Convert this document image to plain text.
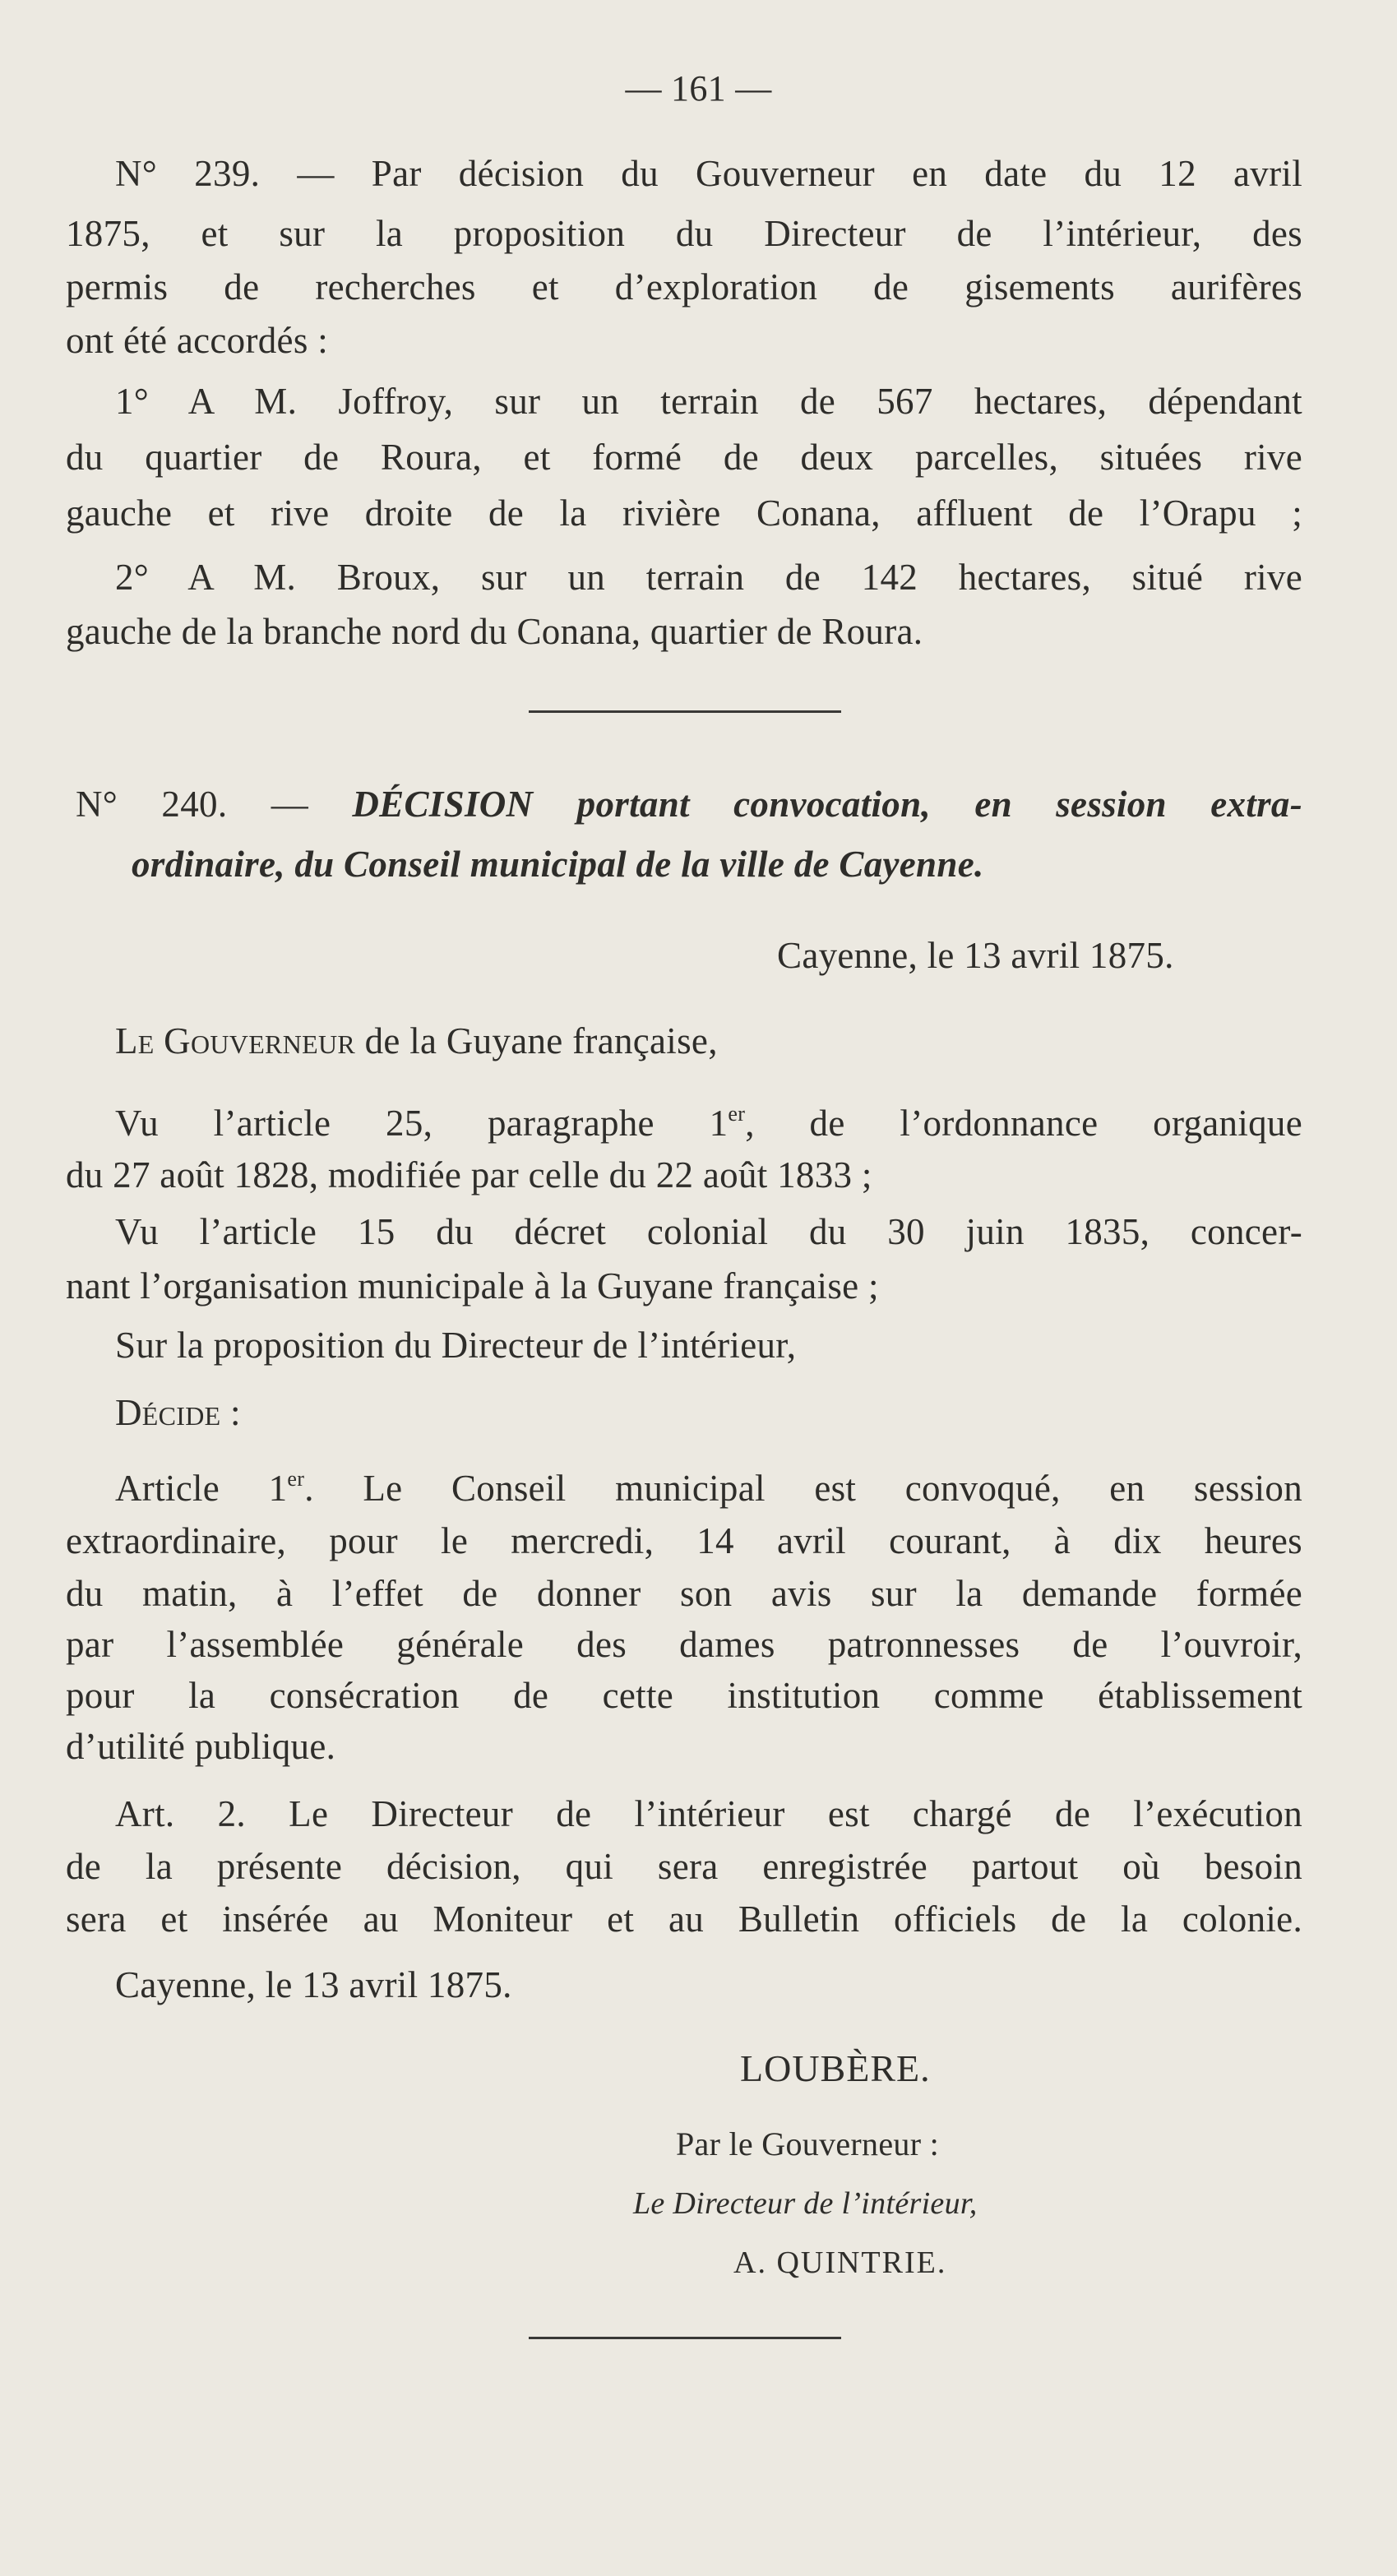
— 161 —
N° 239. — Par décision du Gouverneur en date du 12 avril
1875, et sur la proposition du Directeur de l’intérieur, des
permis de recherches et d’exploration de gisements aurifères
ont été accordés :
1° A M. Joffroy, sur un terrain de 567 hectares, dépendant
du quartier de Roura, et formé de deux parcelles, situées rive
gauche et rive droite de la rivière Conana, affluent de l’Orapu ;
2° A M. Broux, sur un terrain de 142 hectares, situé rive
gauche de la branche nord du Conana, quartier de Roura.
N° 240. — DÉCISION portant convocation, en session extra-
ordinaire, du Conseil municipal de la ville de Cayenne.
Cayenne, le 13 avril 1875.
Le Gouverneur de la Guyane française,
Vu l’article 25, paragraphe 1er, de l’ordonnance organique
du 27 août 1828, modifiée par celle du 22 août 1833 ;
Vu l’article 15 du décret colonial du 30 juin 1835, concer-
nant l’organisation municipale à la Guyane française ;
Sur la proposition du Directeur de l’intérieur,
Décide :
Article 1er. Le Conseil municipal est convoqué, en session
extraordinaire, pour le mercredi, 14 avril courant, à dix heures
du matin, à l’effet de donner son avis sur la demande formée
par l’assemblée générale des dames patronnesses de l’ouvroir,
pour la consécration de cette institution comme établissement
d’utilité publique.
Art. 2. Le Directeur de l’intérieur est chargé de l’exécution
de la présente décision, qui sera enregistrée partout où besoin
sera et insérée au Moniteur et au Bulletin officiels de la colonie.
Cayenne, le 13 avril 1875.
LOUBÈRE.
Par le Gouverneur :
Le Directeur de l’intérieur,
A. QUINTRIE.
